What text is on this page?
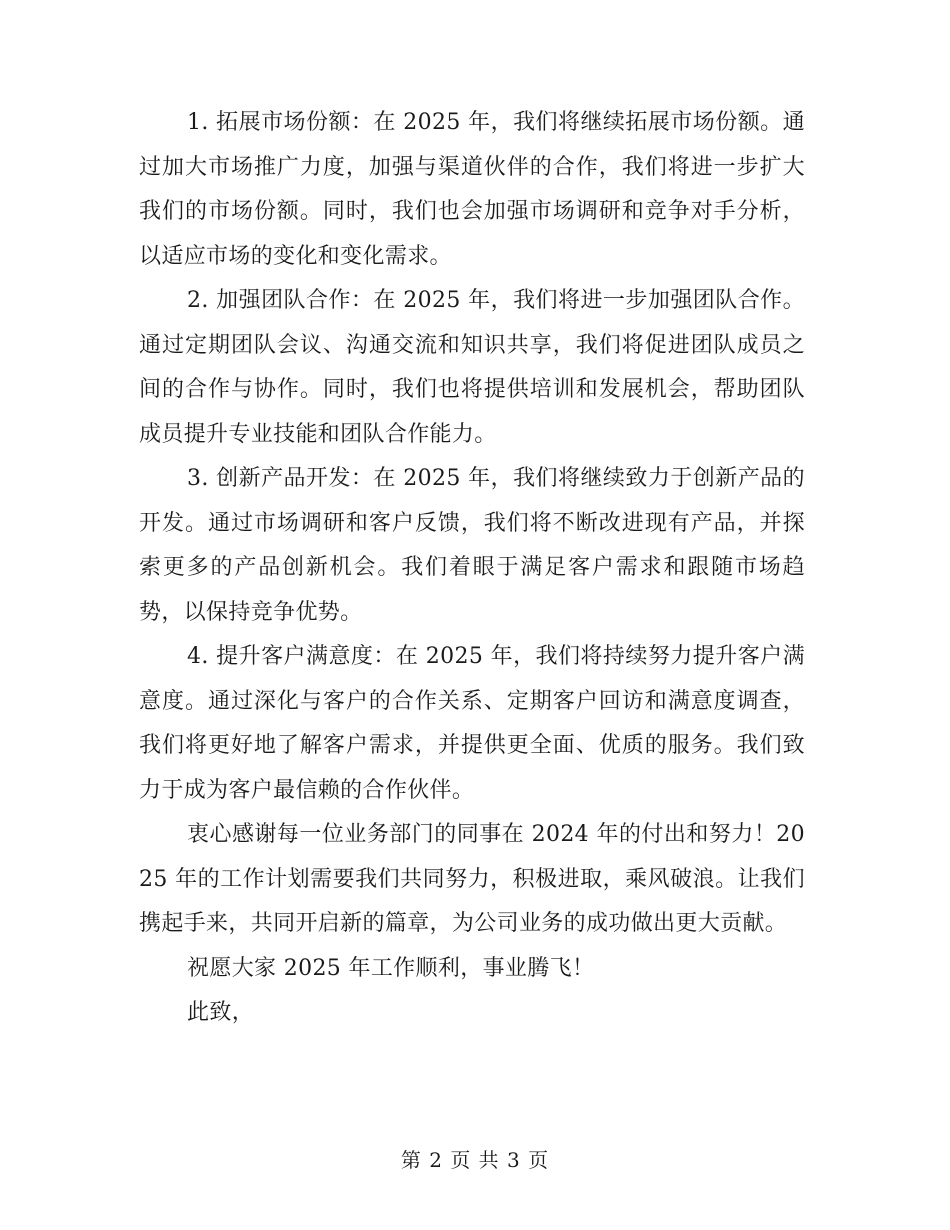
1. 拓展市场份额：在 2025 年，我们将继续拓展市场份额。通过加大市场推广力度，加强与渠道伙伴的合作，我们将进一步扩大我们的市场份额。同时，我们也会加强市场调研和竞争对手分析，以适应市场的变化和变化需求。

2. 加强团队合作：在 2025 年，我们将进一步加强团队合作。通过定期团队会议、沟通交流和知识共享，我们将促进团队成员之间的合作与协作。同时，我们也将提供培训和发展机会，帮助团队成员提升专业技能和团队合作能力。

3. 创新产品开发：在 2025 年，我们将继续致力于创新产品的开发。通过市场调研和客户反馈，我们将不断改进现有产品，并探索更多的产品创新机会。我们着眼于满足客户需求和跟随市场趋势，以保持竞争优势。

4. 提升客户满意度：在 2025 年，我们将持续努力提升客户满意度。通过深化与客户的合作关系、定期客户回访和满意度调查，我们将更好地了解客户需求，并提供更全面、优质的服务。我们致力于成为客户最信赖的合作伙伴。

衷心感谢每一位业务部门的同事在 2024 年的付出和努力！2025 年的工作计划需要我们共同努力，积极进取，乘风破浪。让我们携起手来，共同开启新的篇章，为公司业务的成功做出更大贡献。

祝愿大家 2025 年工作顺利，事业腾飞！

此致，

第 2 页 共 3 页
